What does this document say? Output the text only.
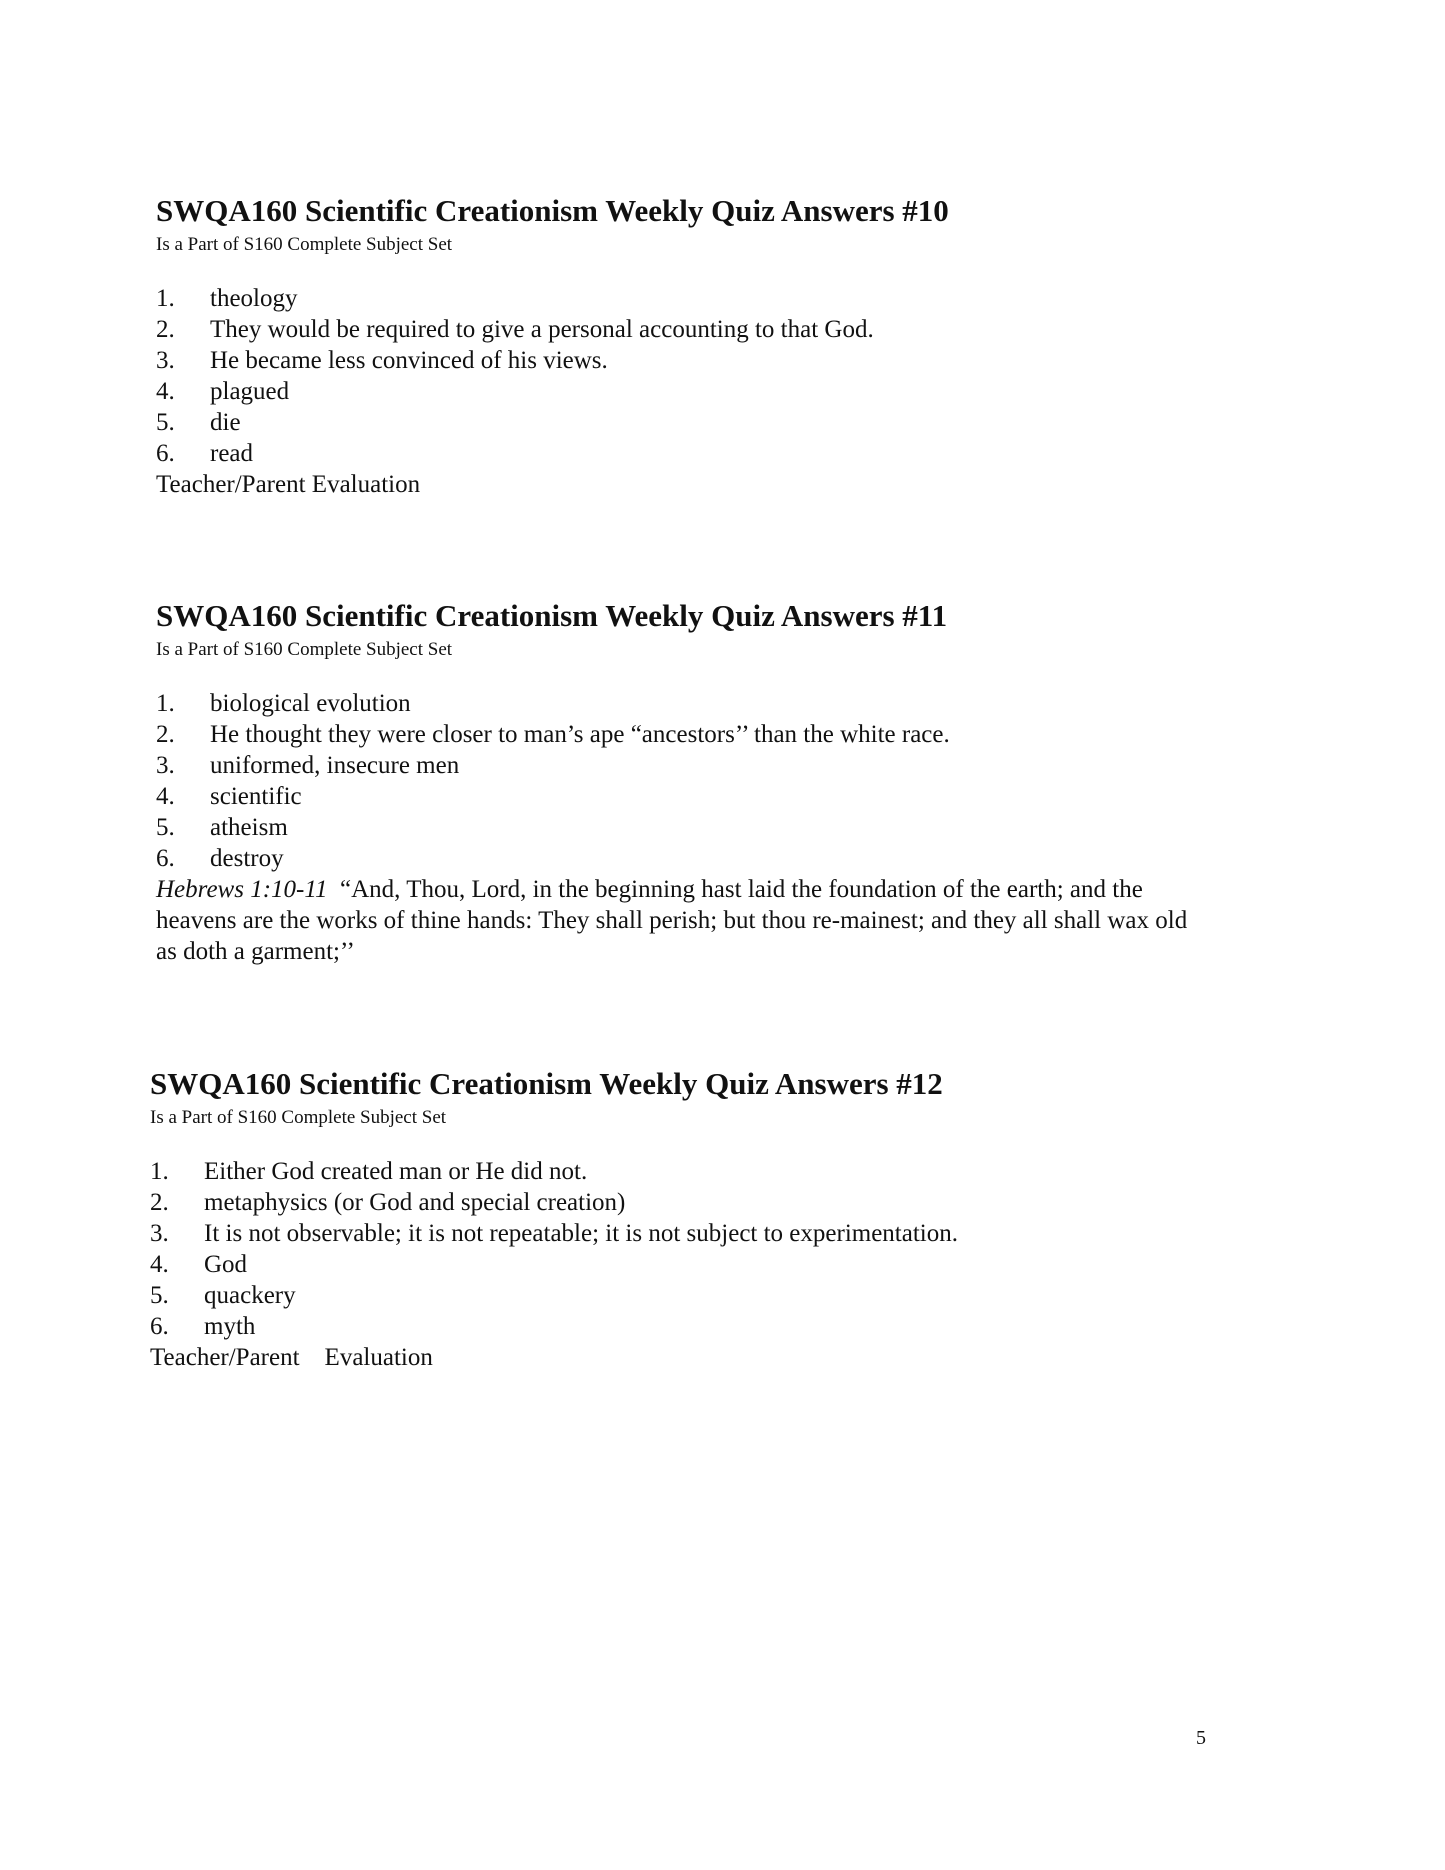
SWQA160 Scientific Creationism Weekly Quiz Answers #10
Is a Part of S160 Complete Subject Set
1.	theology
2.	They would be required to give a personal accounting to that God.
3.	He became less convinced of his views.
4.	plagued
5.	die
6.	read
Teacher/Parent Evaluation
SWQA160 Scientific Creationism Weekly Quiz Answers #11
Is a Part of S160 Complete Subject Set
1.	biological evolution
2.	He thought they were closer to man’s ape “ancestors’’ than the white race.
3.	uniformed, insecure men
4.	scientific
5.	atheism
6.	destroy
Hebrews 1:10-11 “And, Thou, Lord, in the beginning hast laid the foundation of the earth; and the heavens are the works of thine hands: They shall perish; but thou re-mainest; and they all shall wax old as doth a garment;’’
SWQA160 Scientific Creationism Weekly Quiz Answers #12
Is a Part of S160 Complete Subject Set
1.	Either God created man or He did not.
2.	metaphysics (or God and special creation)
3.	It is not observable; it is not repeatable; it is not subject to experimentation.
4.	God
5.	quackery
6.	myth
Teacher/Parent    Evaluation
5
